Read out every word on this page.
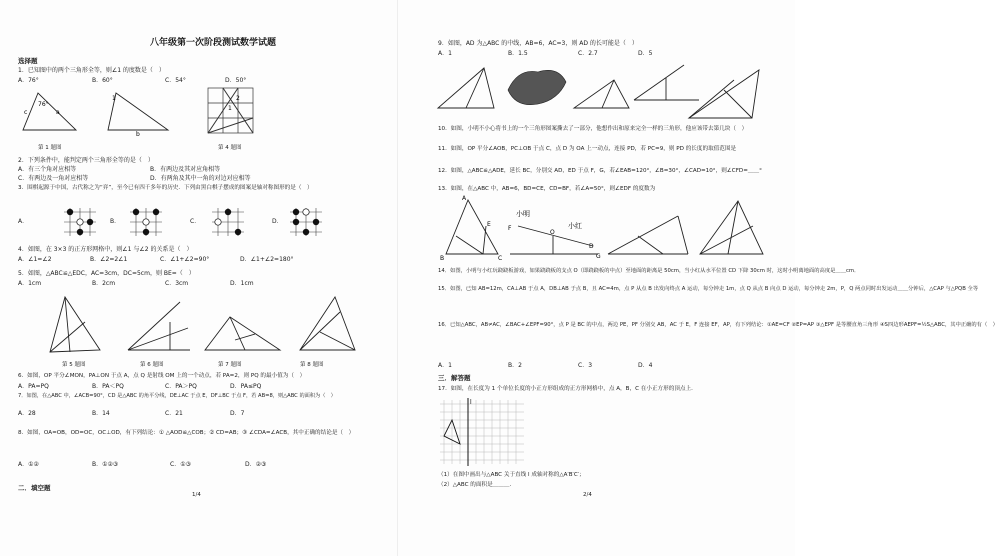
八年级第一次阶段测试数学试题
选择题
1．已知图中的两个三角形全等，则∠1 的度数是（　）
A．76°	B．60°	C．54°	D．50°
76°
a
c
b
1	2
1
第 1 题图	第 4 题图
2．下列条件中，能判定两个三角形全等的是（　）
A．有三个角对应相等	B．有两边及其对应角相等
C．有两边及一角对应相等	D．有两角及其中一角的对边对应相等
3．围棋起源于中国，古代称之为“弈”，至今已有四千多年的历史．下列由黑白棋子摆成的图案是轴对称图形的是（　）
A．	B．	C．	D．
4．如图，在 3×3 的正方形网格中，则∠1 与∠2 的关系是（　）
A．∠1=∠2	B．∠2=2∠1	C．∠1+∠2=90°	D．∠1+∠2=180°
5．如图，△ABC≌△EDC，AC=3cm，DC=5cm，则 BE=（　）
A．1cm	B．2cm	C．3cm	D．1cm
第 5 题图	第 6 题图	第 7 题图	第 8 题图
6．如图，OP 平分∠MON，PA⊥ON 于点 A，点 Q 是射线 OM 上的一个动点，若 PA=2，则 PQ 的最小值为（　）
A．PA=PQ	B．PA＜PQ	C．PA＞PQ	D．PA≤PQ
7．如图，在△ABC 中，∠ACB=90°，CD 是△ABC 的角平分线，DE⊥AC 于点 E，DF⊥BC 于点 F，若 AB=8，则△ABC 的面积为（　）
A．28	B．14	C．21	D．7
8．如图，OA=OB，OD=OC，OC⊥OD，有下列结论：① △AOD≌△COB；② CD=AB；③ ∠CDA=∠ACB，其中正确的结论是（　）
A．①②	B．①②③	C．①③	D．②③
二．填空题
1/4
9．如图，AD 为△ABC 的中线，AB=6，AC=3，则 AD 的长可能是（　）
A．1	B．1.5	C．2.7	D．5
10．如图，小明不小心将书上的一个三角形图案撕去了一部分，他想作出和原来完全一样的三角形，他应该带去第几块（　）
11．如图，OP 平分∠AOB，PC⊥OB 于点 C，点 D 为 OA 上一动点，连接 PD，若 PC=9，则 PD 的长度的取值范围是
12．如图，△ABC≌△ADE，延长 BC，分别交 AD，ED 于点 F，G，若∠EAB=120°，∠B=30°，∠CAD=10°，则∠CFD=＿＿°
13．如图，在△ABC 中，AB=6，BD=CE，CD=BF，若∠A=50°，则∠EDF 的度数为
小明
小红
F
A
B	C
D
E
G
O
14．如图，小明与小红玩跷跷板游戏，如果跷跷板的支点 O（即跷跷板的中点）至地面的距离是 50cm，当小红从水平位置 CD 下降 30cm 时，这时小明离地面的高度是＿＿cm．
15．如图，已知 AB=12m，CA⊥AB 于点 A，DB⊥AB 于点 B，且 AC=4m，点 P 从点 B 出发向终点 A 运动，每分钟走 1m，点 Q 从点 B 向点 D 运动，每分钟走 2m，P，Q 两点同时出发运动＿＿分钟后，△CAP 与△PQB 全等
16．已知△ABC，AB≠AC，∠BAC+∠EPF=90°，点 P 是 BC 的中点，两边 PE，PF 分别交 AB，AC 于 E，F 连接 EF，AP，有下列结论：①AE=CF ②EP=AP ③△EPF 是等腰直角三角形 ④S四边形AEPF=½S△ABC，其中正确的有（　）
A．1	B．2	C．3	D．4
三．解答题
17．如图，在长度为 1 个单位长度的小正方形组成的正方形网格中，点 A，B，C 在小正方形的顶点上．
l
（1）在图中画出与△ABC 关于直线 l 成轴对称的△A′B′C′；
（2）△ABC 的面积是＿＿＿．
2/4
